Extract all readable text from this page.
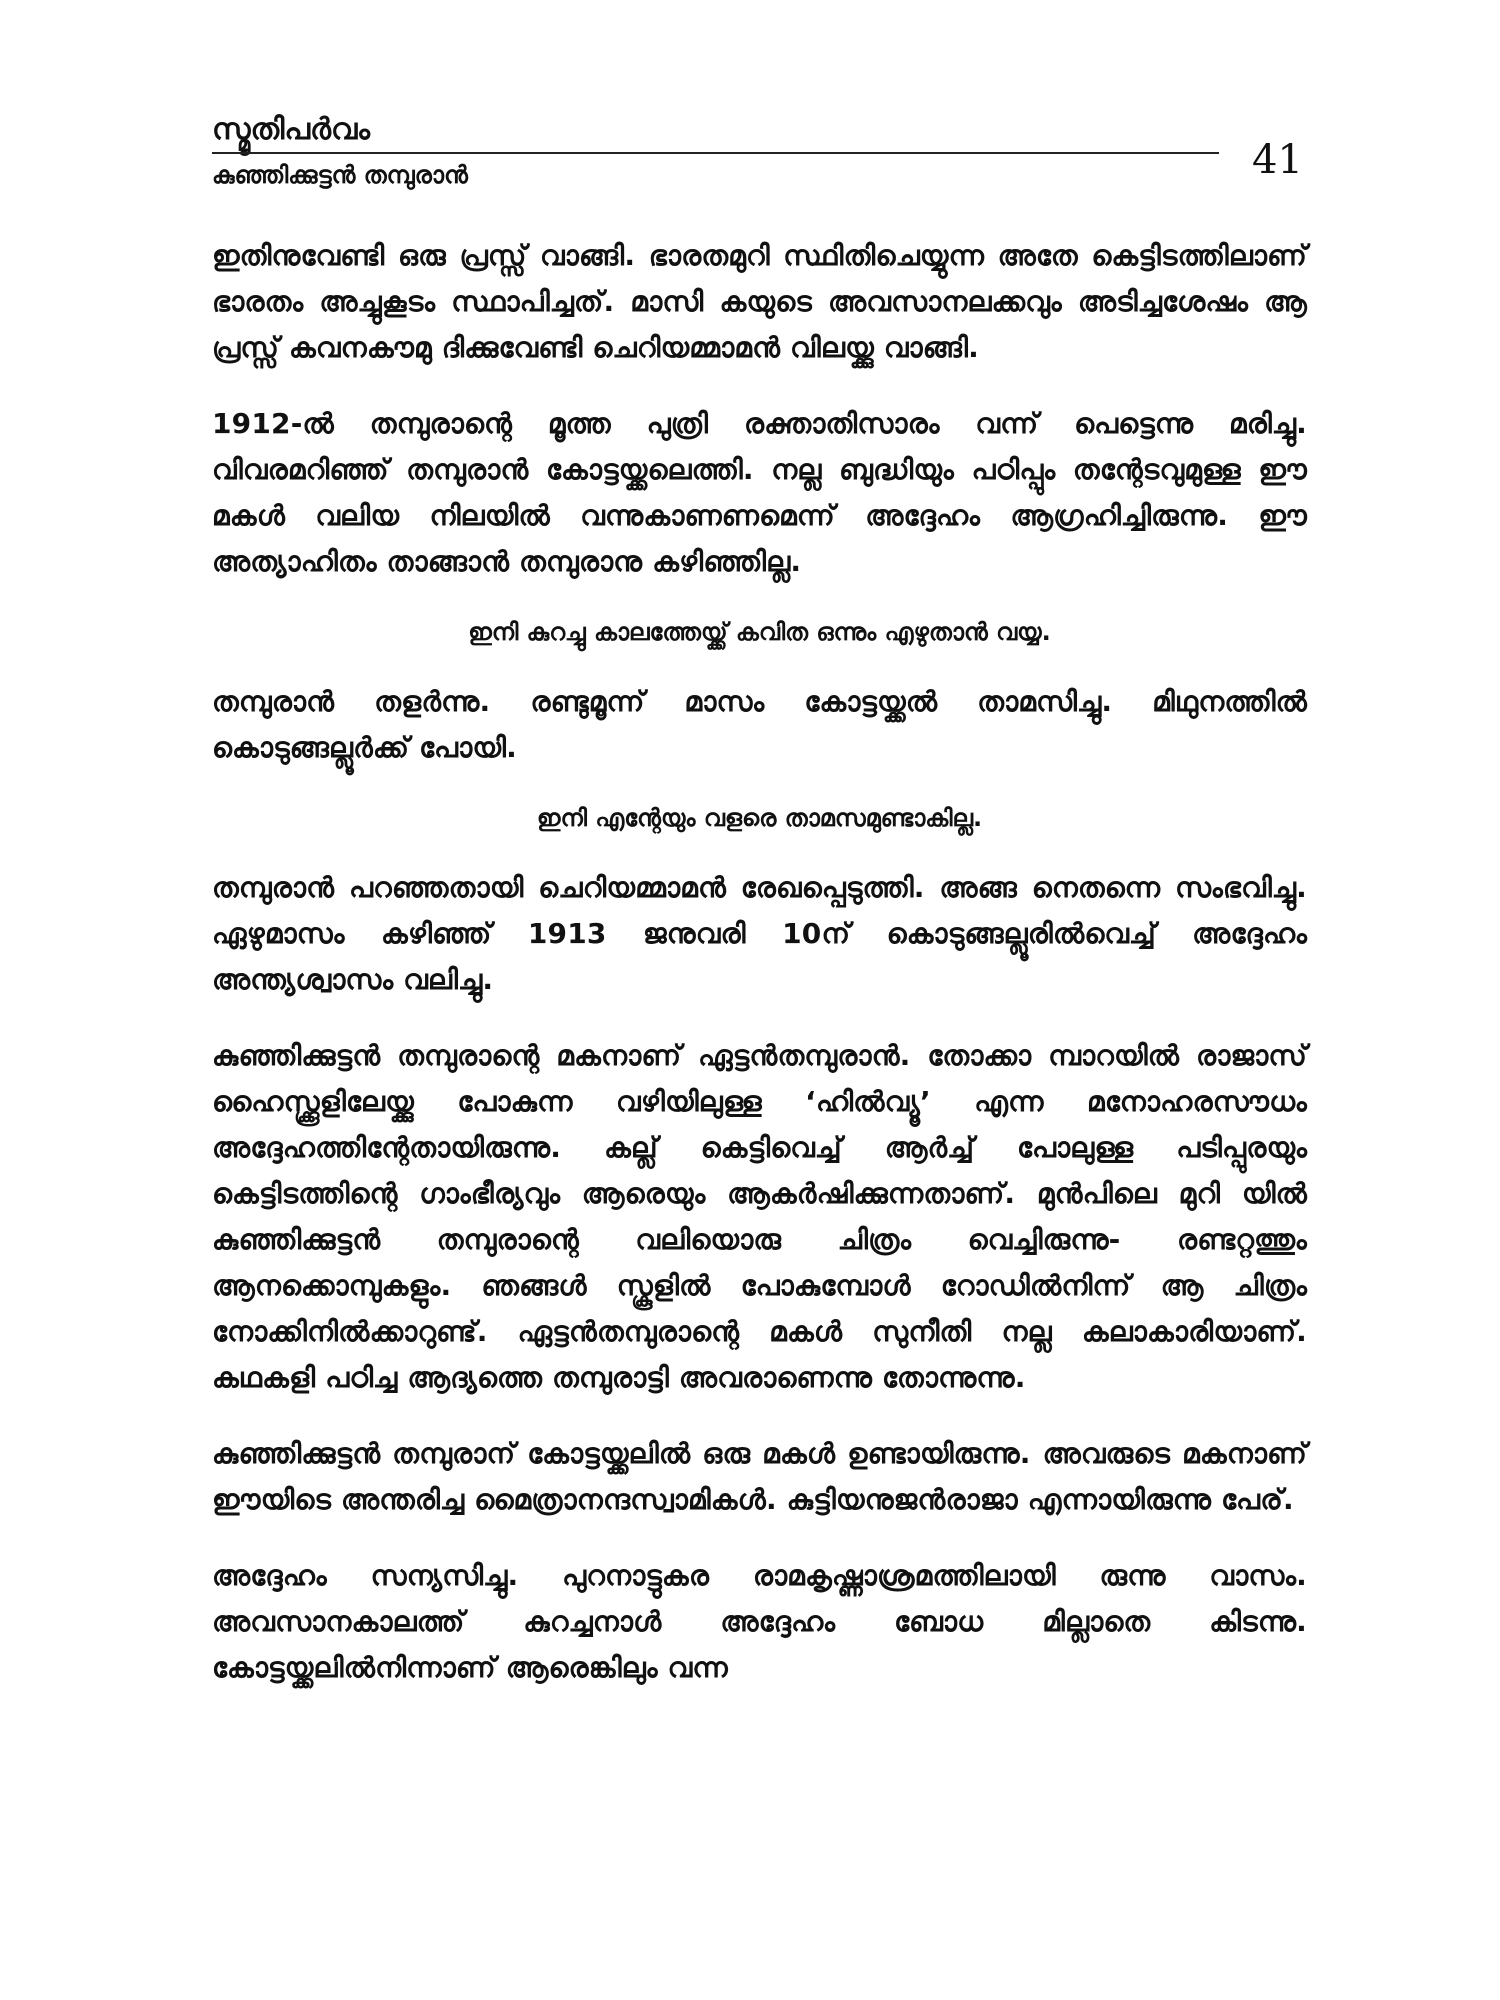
സ്മൃതിപർവം
കുഞ്ഞിക്കുട്ടൻ തമ്പുരാൻ	41

ഇതിനുവേണ്ടി ഒരു പ്രസ്സ് വാങ്ങി. ഭാരതമുറി സ്ഥിതിചെയ്യുന്ന അതേ കെട്ടിടത്തിലാണ് ഭാരതം അച്ചുകൂടം സ്ഥാപിച്ചത്. മാസി കയുടെ അവസാനലക്കവും അടിച്ചശേഷം ആ പ്രസ്സ് കവനകൗമു ദിക്കുവേണ്ടി ചെറിയമ്മാമൻ വിലയ്ക്കു വാങ്ങി.

1912-ൽ തമ്പുരാന്റെ മൂത്ത പുത്രി രക്താതിസാരം വന്ന് പെട്ടെന്നു മരിച്ചു. വിവരമറിഞ്ഞ് തമ്പുരാൻ കോട്ടയ്ക്കലെത്തി. നല്ല ബുദ്ധിയും പഠിപ്പും തന്റേടവുമുള്ള ഈ മകൾ വലിയ നിലയിൽ വന്നുകാണണമെന്ന് അദ്ദേഹം ആഗ്രഹിച്ചിരുന്നു. ഈ അത്യാഹിതം താങ്ങാൻ തമ്പുരാനു കഴിഞ്ഞില്ല.

ഇനി കുറച്ചു കാലത്തേയ്ക്ക് കവിത ഒന്നും എഴുതാൻ വയ്യ.

തമ്പുരാൻ തളർന്നു. രണ്ടുമൂന്ന് മാസം കോട്ടയ്ക്കൽ താമസിച്ചു. മിഥുനത്തിൽ കൊടുങ്ങല്ലൂർക്ക് പോയി.

ഇനി എന്റേയും വളരെ താമസമുണ്ടാകില്ല.

തമ്പുരാൻ പറഞ്ഞതായി ചെറിയമ്മാമൻ രേഖപ്പെടുത്തി. അങ്ങ നെതന്നെ സംഭവിച്ചു. ഏഴുമാസം കഴിഞ്ഞ് 1913 ജനുവരി 10ന് കൊടുങ്ങല്ലൂരിൽവെച്ച് അദ്ദേഹം അന്ത്യശ്വാസം വലിച്ചു.

കുഞ്ഞിക്കുട്ടൻ തമ്പുരാന്റെ മകനാണ് ഏട്ടൻതമ്പുരാൻ. തോക്കാ മ്പാറയിൽ രാജാസ് ഹൈസ്ക്കൂളിലേയ്ക്കു പോകുന്ന വഴിയിലുള്ള ‘ഹിൽവ്യൂ’ എന്ന മനോഹരസൗധം അദ്ദേഹത്തിന്റേതായിരുന്നു. കല്ല് കെട്ടിവെച്ച് ആർച്ച് പോലുള്ള പടിപ്പുരയും കെട്ടിടത്തിന്റെ ഗാംഭീര്യവും ആരെയും ആകർഷിക്കുന്നതാണ്. മുൻപിലെ മുറി യിൽ കുഞ്ഞിക്കുട്ടൻ തമ്പുരാന്റെ വലിയൊരു ചിത്രം വെച്ചിരുന്നു- രണ്ടറ്റത്തും ആനക്കൊമ്പുകളും. ഞങ്ങൾ സ്കൂളിൽ പോകുമ്പോൾ റോഡിൽനിന്ന് ആ ചിത്രം നോക്കിനിൽക്കാറുണ്ട്. ഏട്ടൻതമ്പുരാന്റെ മകൾ സുനീതി നല്ല കലാകാരിയാണ്. കഥകളി പഠിച്ച ആദ്യത്തെ തമ്പുരാട്ടി അവരാണെന്നു തോന്നുന്നു.

കുഞ്ഞിക്കുട്ടൻ തമ്പുരാന് കോട്ടയ്ക്കലിൽ ഒരു മകൾ ഉണ്ടായിരുന്നു. അവരുടെ മകനാണ് ഈയിടെ അന്തരിച്ച മൈത്രാനന്ദസ്വാമികൾ. കുട്ടിയനുജൻരാജാ എന്നായിരുന്നു പേര്.

അദ്ദേഹം സന്യസിച്ചു. പുറനാട്ടുകര രാമകൃഷ്ണാശ്രമത്തിലായി രുന്നു വാസം. അവസാനകാലത്ത് കുറച്ചനാൾ അദ്ദേഹം ബോധ മില്ലാതെ കിടന്നു. കോട്ടയ്ക്കലിൽനിന്നാണ് ആരെങ്കിലും വന്ന
